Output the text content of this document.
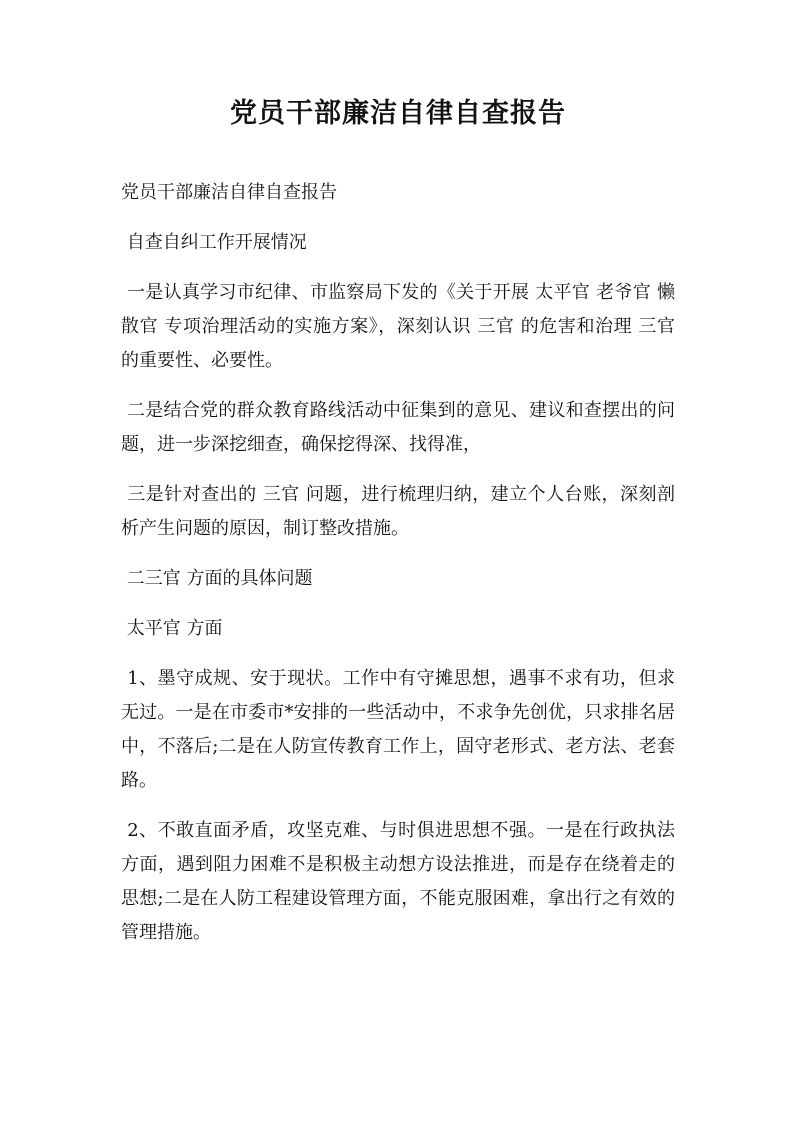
党员干部廉洁自律自查报告

党员干部廉洁自律自查报告

自查自纠工作开展情况

一是认真学习市纪律、市监察局下发的《关于开展 太平官 老爷官 懒散官 专项治理活动的实施方案》，深刻认识 三官 的危害和治理 三官 的重要性、必要性。

二是结合党的群众教育路线活动中征集到的意见、建议和查摆出的问题，进一步深挖细查，确保挖得深、找得准，

三是针对查出的 三官 问题，进行梳理归纳，建立个人台账，深刻剖析产生问题的原因，制订整改措施。

二三官 方面的具体问题

太平官 方面

1、墨守成规、安于现状。工作中有守摊思想，遇事不求有功，但求无过。一是在市委市*安排的一些活动中，不求争先创优，只求排名居中，不落后;二是在人防宣传教育工作上，固守老形式、老方法、老套路。

2、不敢直面矛盾，攻坚克难、与时俱进思想不强。一是在行政执法方面，遇到阻力困难不是积极主动想方设法推进，而是存在绕着走的思想;二是在人防工程建设管理方面，不能克服困难，拿出行之有效的管理措施。
